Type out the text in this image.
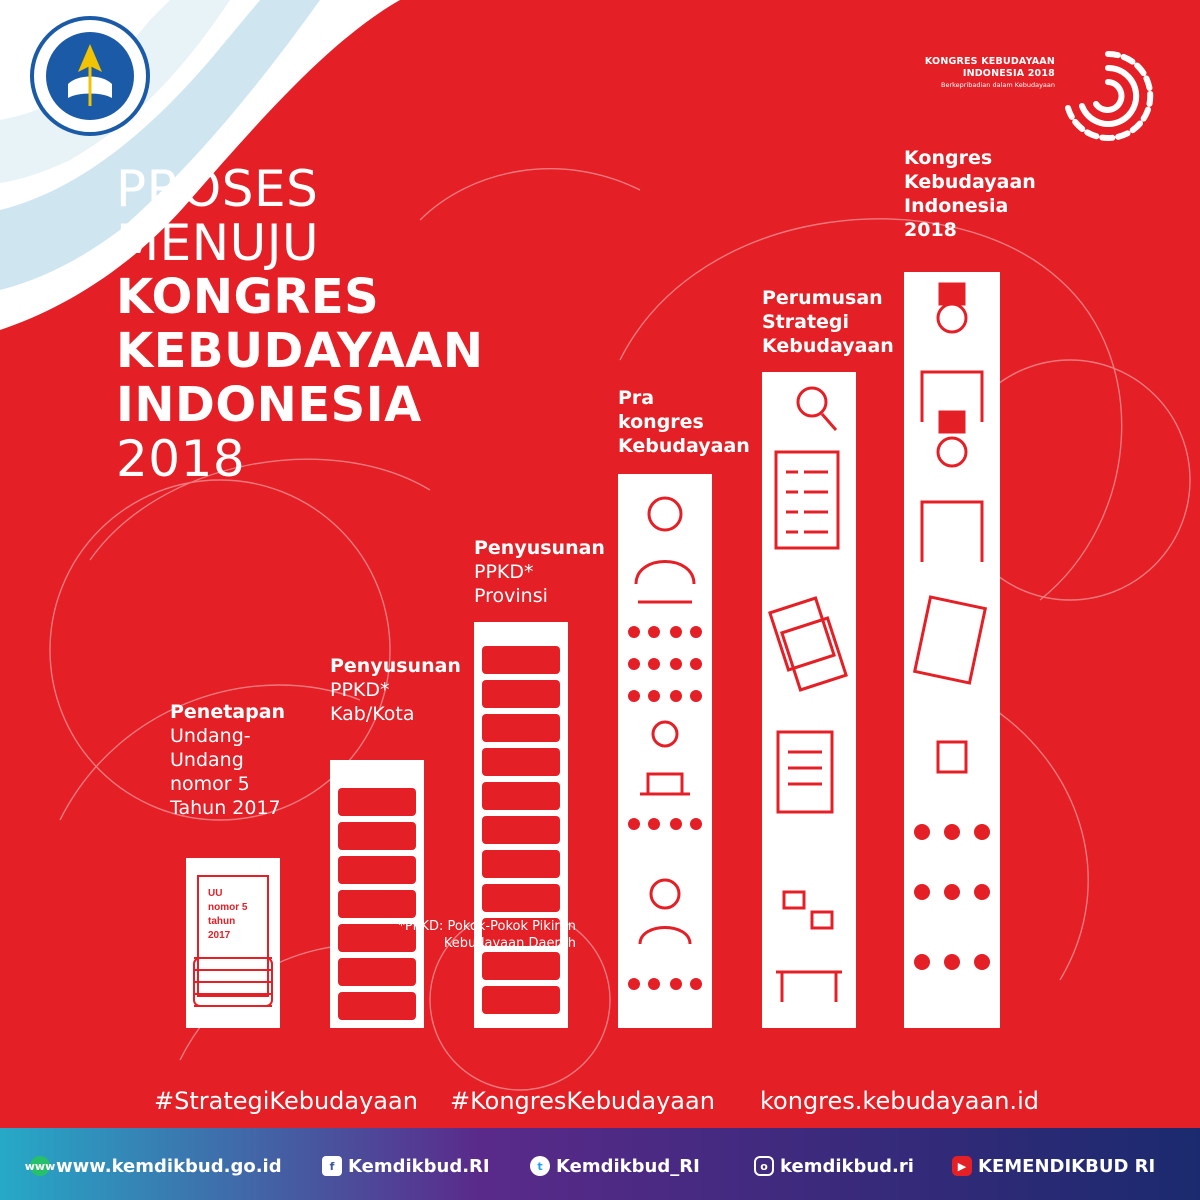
KONGRES KEBUDAYAAN
INDONESIA 2018
Berkepribadian dalam Kebudayaan
PROSES
MENUJU
KONGRES
KEBUDAYAAN
INDONESIA
2018
Penetapan
Undang-
Undang
nomor 5
Tahun 2017
UU
nomor 5
tahun
2017
Penyusunan
PPKD*
Kab/Kota
Penyusunan
PPKD*
Provinsi
Pra
kongres
Kebudayaan
Perumusan
Strategi
Kebudayaan
Kongres
Kebudayaan
Indonesia
2018
*PPKD: Pokok-Pokok Pikiran
Kebudayaan Daerah
#StrategiKebudayaan #KongresKebudayaan kongres.kebudayaan.id
www www.kemdikbud.go.id	f Kemdikbud.RI	t Kemdikbud_RI	o kemdikbud.ri	▶ KEMENDIKBUD RI
